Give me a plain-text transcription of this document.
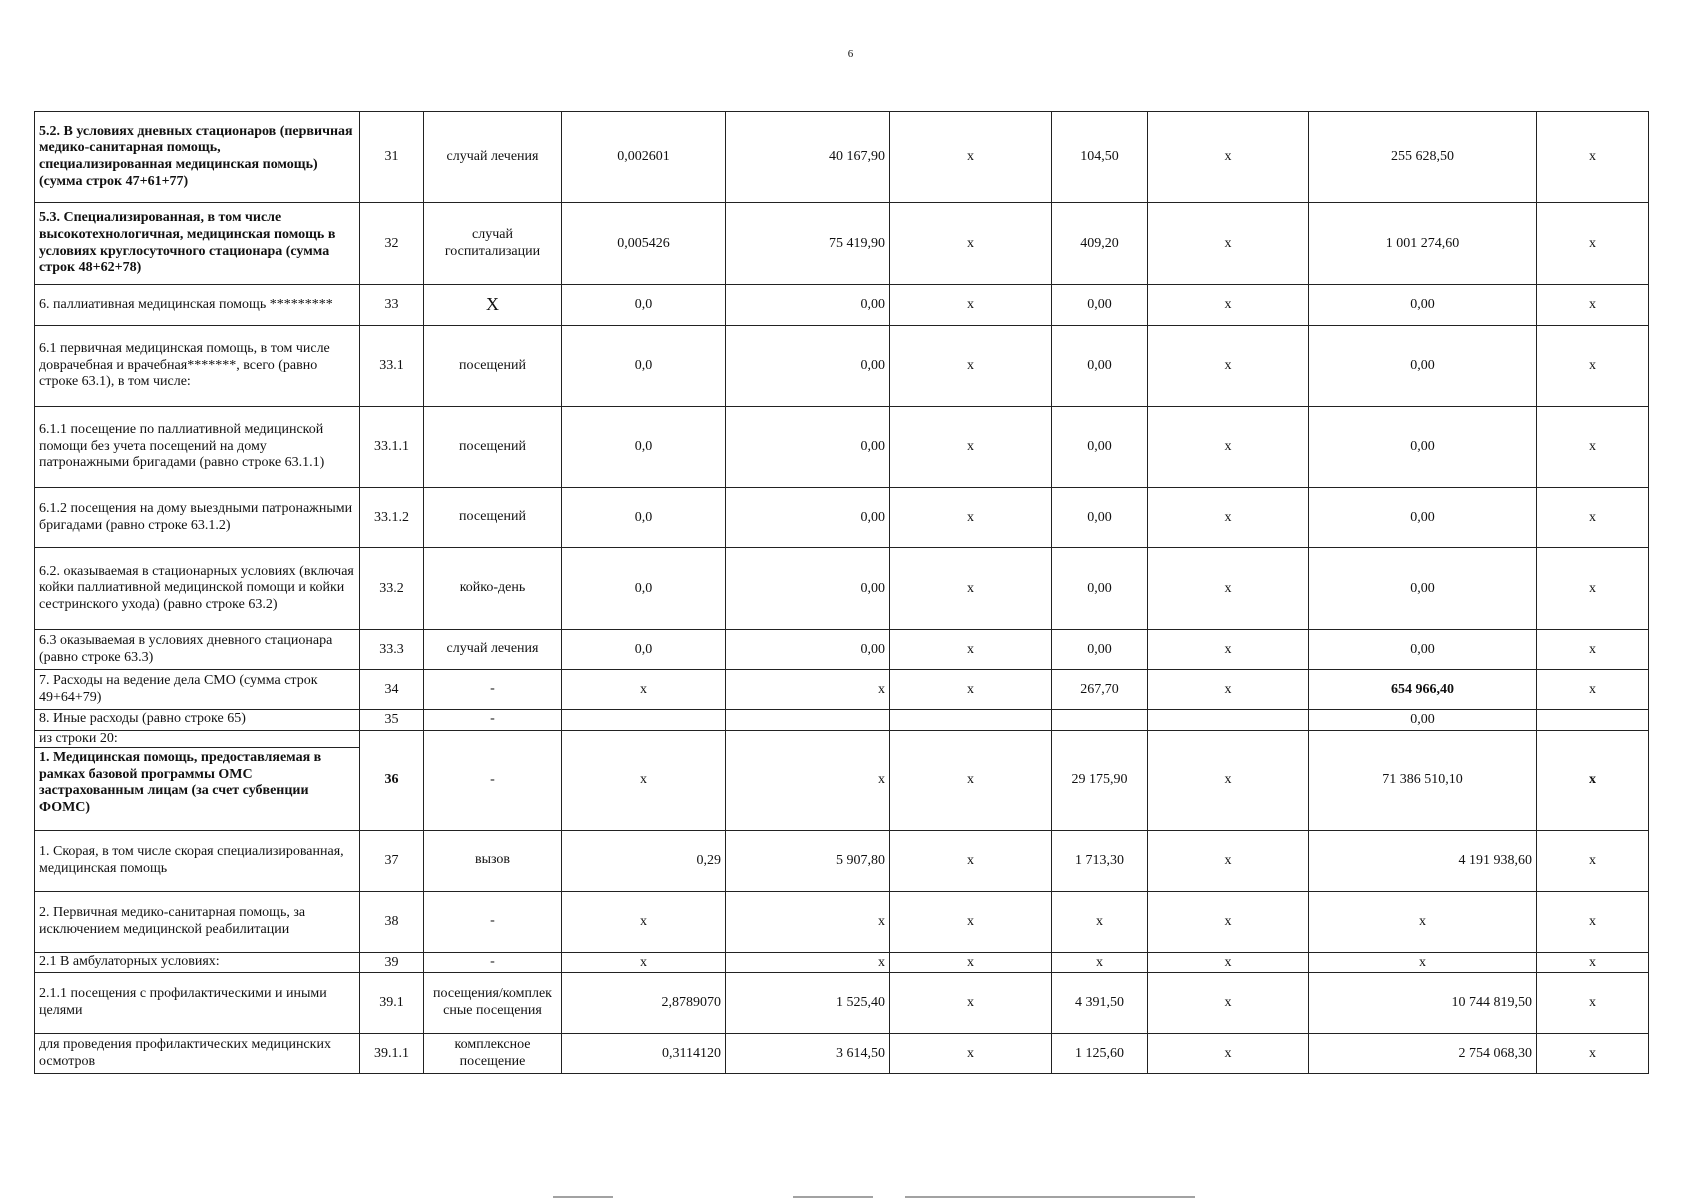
6
5.2. В условиях дневных стационаров (первичная медико-санитарная помощь, специализированная медицинская помощь) (сумма строк 47+61+77)	31	случай лечения	0,002601	40 167,90	x	104,50	x	255 628,50	x
5.3. Специализированная, в том числе высокотехнологичная, медицинская помощь в условиях круглосуточного стационара (сумма строк 48+62+78)	32	случай госпитализации	0,005426	75 419,90	x	409,20	x	1 001 274,60	x
6. паллиативная медицинская помощь *********	33	X	0,0	0,00	x	0,00	x	0,00	x
6.1 первичная медицинская помощь, в том числе доврачебная и врачебная*******, всего (равно строке 63.1), в том числе:	33.1	посещений	0,0	0,00	x	0,00	x	0,00	x
6.1.1 посещение по паллиативной медицинской помощи без учета посещений на дому патронажными бригадами (равно строке 63.1.1)	33.1.1	посещений	0,0	0,00	x	0,00	x	0,00	x
6.1.2 посещения на дому выездными патронажными бригадами (равно строке 63.1.2)	33.1.2	посещений	0,0	0,00	x	0,00	x	0,00	x
6.2. оказываемая в стационарных условиях (включая койки паллиативной медицинской помощи и койки сестринского ухода) (равно строке 63.2)	33.2	койко-день	0,0	0,00	x	0,00	x	0,00	x
6.3 оказываемая в условиях дневного стационара (равно строке 63.3)	33.3	случай лечения	0,0	0,00	x	0,00	x	0,00	x
7. Расходы на ведение дела СМО (сумма строк 49+64+79)	34	-	x	x	x	267,70	x	654 966,40	x
8. Иные расходы (равно строке 65)	35	-						0,00	

из строки 20:
1. Медицинская помощь, предоставляемая в рамках базовой программы ОМС застрахованным лицам (за счет субвенции ФОМС)	36	-	x	x	x	29 175,90	x	71 386 510,10	x
1. Скорая, в том числе скорая специализированная, медицинская помощь	37	вызов	0,29	5 907,80	x	1 713,30	x	4 191 938,60	x
2. Первичная медико-санитарная помощь, за исключением медицинской реабилитации	38	-	x	x	x	x	x	x	x
2.1 В амбулаторных условиях:	39	-	x	x	x	x	x	x	x
2.1.1 посещения с профилактическими и иными целями	39.1	посещения/комплек сные посещения	2,8789070	1 525,40	x	4 391,50	x	10 744 819,50	x
для проведения профилактических медицинских осмотров	39.1.1	комплексное посещение	0,3114120	3 614,50	x	1 125,60	x	2 754 068,30	x
